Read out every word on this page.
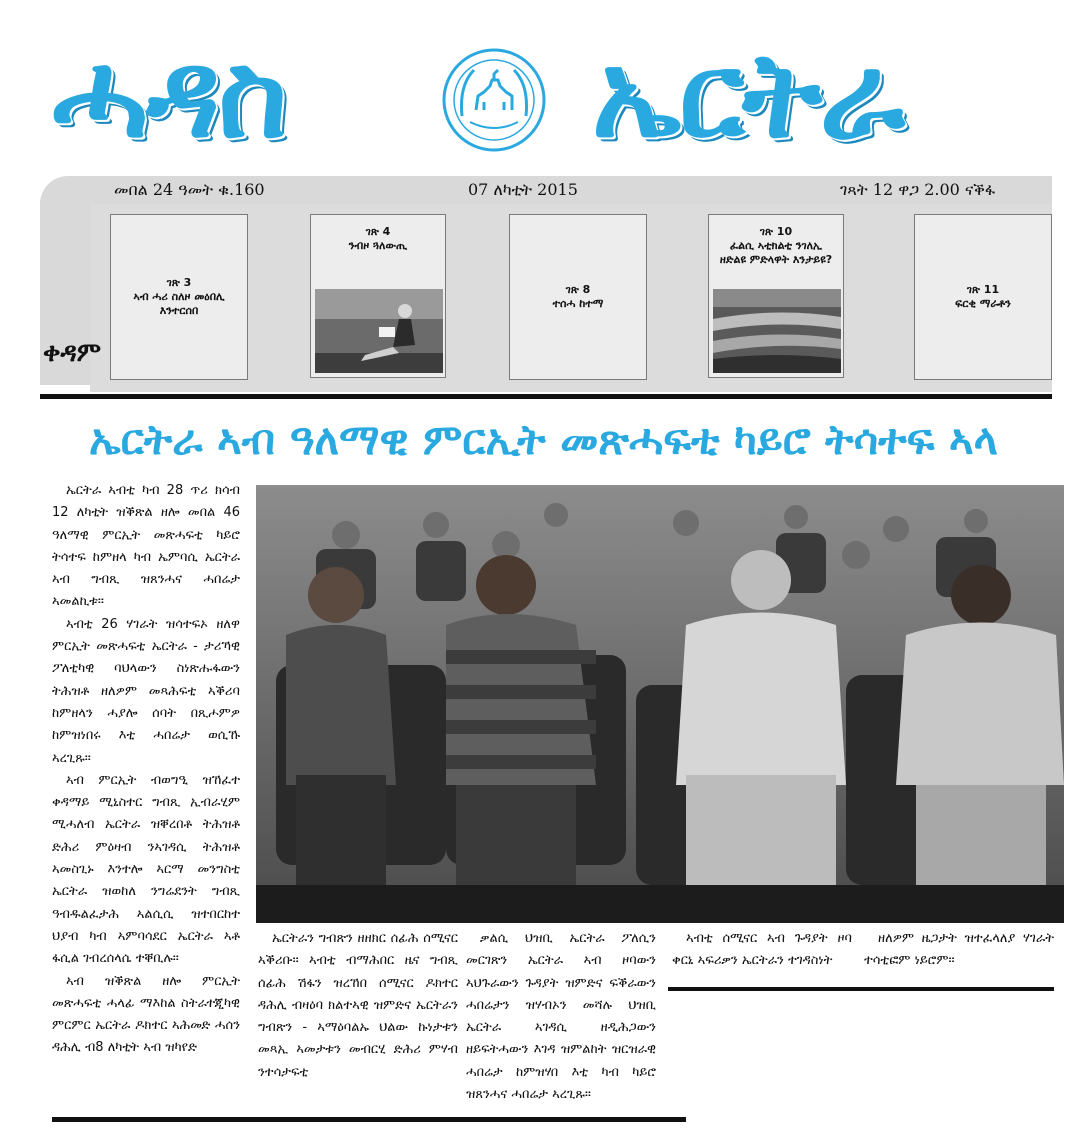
ሓዳስ	ኤርትራ
መበል 24 ዓመት ቁ.160	07 ለካቲት 2015	ገጻት 12 ዋጋ 2.00 ናቕፋ
ቀዳም
ገጽ 3
ኣብ ሓሪ ስለዞ መዕበሊ እንተርሰበ
ገጽ 4
ንብዞ ጓለውጢ
ገጽ 8
ተሰሓ ከተማ
ገጽ 10
ፈልሲ ኣቲክልቲ ንገለኢ ዘድልዩ ምድላዋት እንታይዩ?
ገጽ 11
ፍርቂ ማራቶን
ኤርትራ ኣብ ዓለማዊ ምርኢት መጽሓፍቲ ካይሮ ትሳተፍ ኣላ

ኤርትራ ኣብቲ ካብ 28 ጥሪ ክሳብ 12 ለካቲት ዝቕጽል ዘሎ መበል 46 ዓለማዊ ምርኢት መጽሓፍቲ ካይሮ ትሳተፍ ከምዘላ ካብ ኤምባሲ ኤርትራ ኣብ ግብጺ ዝጸንሓና ሓበሬታ ኣመልኪቱ።

ኣብቲ 26 ሃገራት ዝሳተፍኦ ዘለዋ ምርኢት መጽሓፍቲ ኤርትራ - ታሪኻዊ ፖለቲካዊ ባህላውን ስነጽሑፋውን ትሕዝቶ ዘለዎም መጻሕፍቲ ኣቕሪባ ከምዘላን ሓያሎ ሰባት በጺሖምዎ ከምዝነበሩ እቲ ሓበሬታ ወሲኹ ኣረጊጹ።

ኣብ ምርኢት ብወግዒ ዝኸፈተ ቀዳማይ ሚኒስተር ግብጺ ኢብራሂም ሚሓለብ ኤርትራ ዝቐረበቶ ትሕዝቶ ድሕሪ ምዕዛብ ንኣገዳሲ ትሕዝቶ ኣመስጊኑ እንተሎ ኣርማ መንግስቲ ኤርትራ ዝወከለ ንግሬደንት ግብጺ ዓብዱልፈታሕ ኣልሲሲ ዝተበርከተ ህያብ ካብ ኣምባሳደር ኤርትራ ኣቶ ፋሲል ገብረሰላሴ ተቐቢሉ።

ኣብ ዝቕጽል ዘሎ ምርኢት መጽሓፍቲ ሓላፊ ማእከል ስትራተጂካዊ ምርምር ኤርትራ ዶክተር ኣሕመድ ሓሰን ዳሕሊ ብ8 ለካቲት ኣብ ዝካየድ

ኤርትራን ግብጽን ዘዘክር ሰፊሕ ሰሚናር ኣቕሪቡ። ኣብቲ ብማሕበር ዜና ግብጺ ሰፊሕ ሽፋን ዝረኸበ ሰሚናር ዶክተር ዳሕሊ ብዛዕባ ክልተኣዊ ዝምድና ኤርትራን ግብጽን - ኣማዕባልኡ ህልው ኩነታቱን መጻኢ ኣመታቱን መብርሂ ድሕሪ ምሃብ ንተሳታፍቲ

ቃልሲ ህዝቢ ኤርትራ ፖለሲን መርገጽን ኤርትራ ኣብ ዞባውን ኣህጉራውን ጉዳያት ዝምድና ፍቕራውን ሓበሬታን ዝሃብኦን መሻሉ ህዝቢ ኤርትራ ኣገዳሲ ዘዲሕጋውን ዘይፍትሓውን እገዳ ዝምልከት ዝርዝራዊ ሓበሬታ ከምዝሃበ እቲ ካብ ካይሮ ዝጸንሓና ሓበሬታ ኣረጊጹ።

ኣብቲ ሰሚናር ኣብ ጉዳያት ዞባ ቀርኒ ኣፍሪቃን ኤርትራን ተገዳስነት

ዘለዎም ዜጋታት ዝተፈላለያ ሃገራት ተሳቲፎም ነይሮም።
